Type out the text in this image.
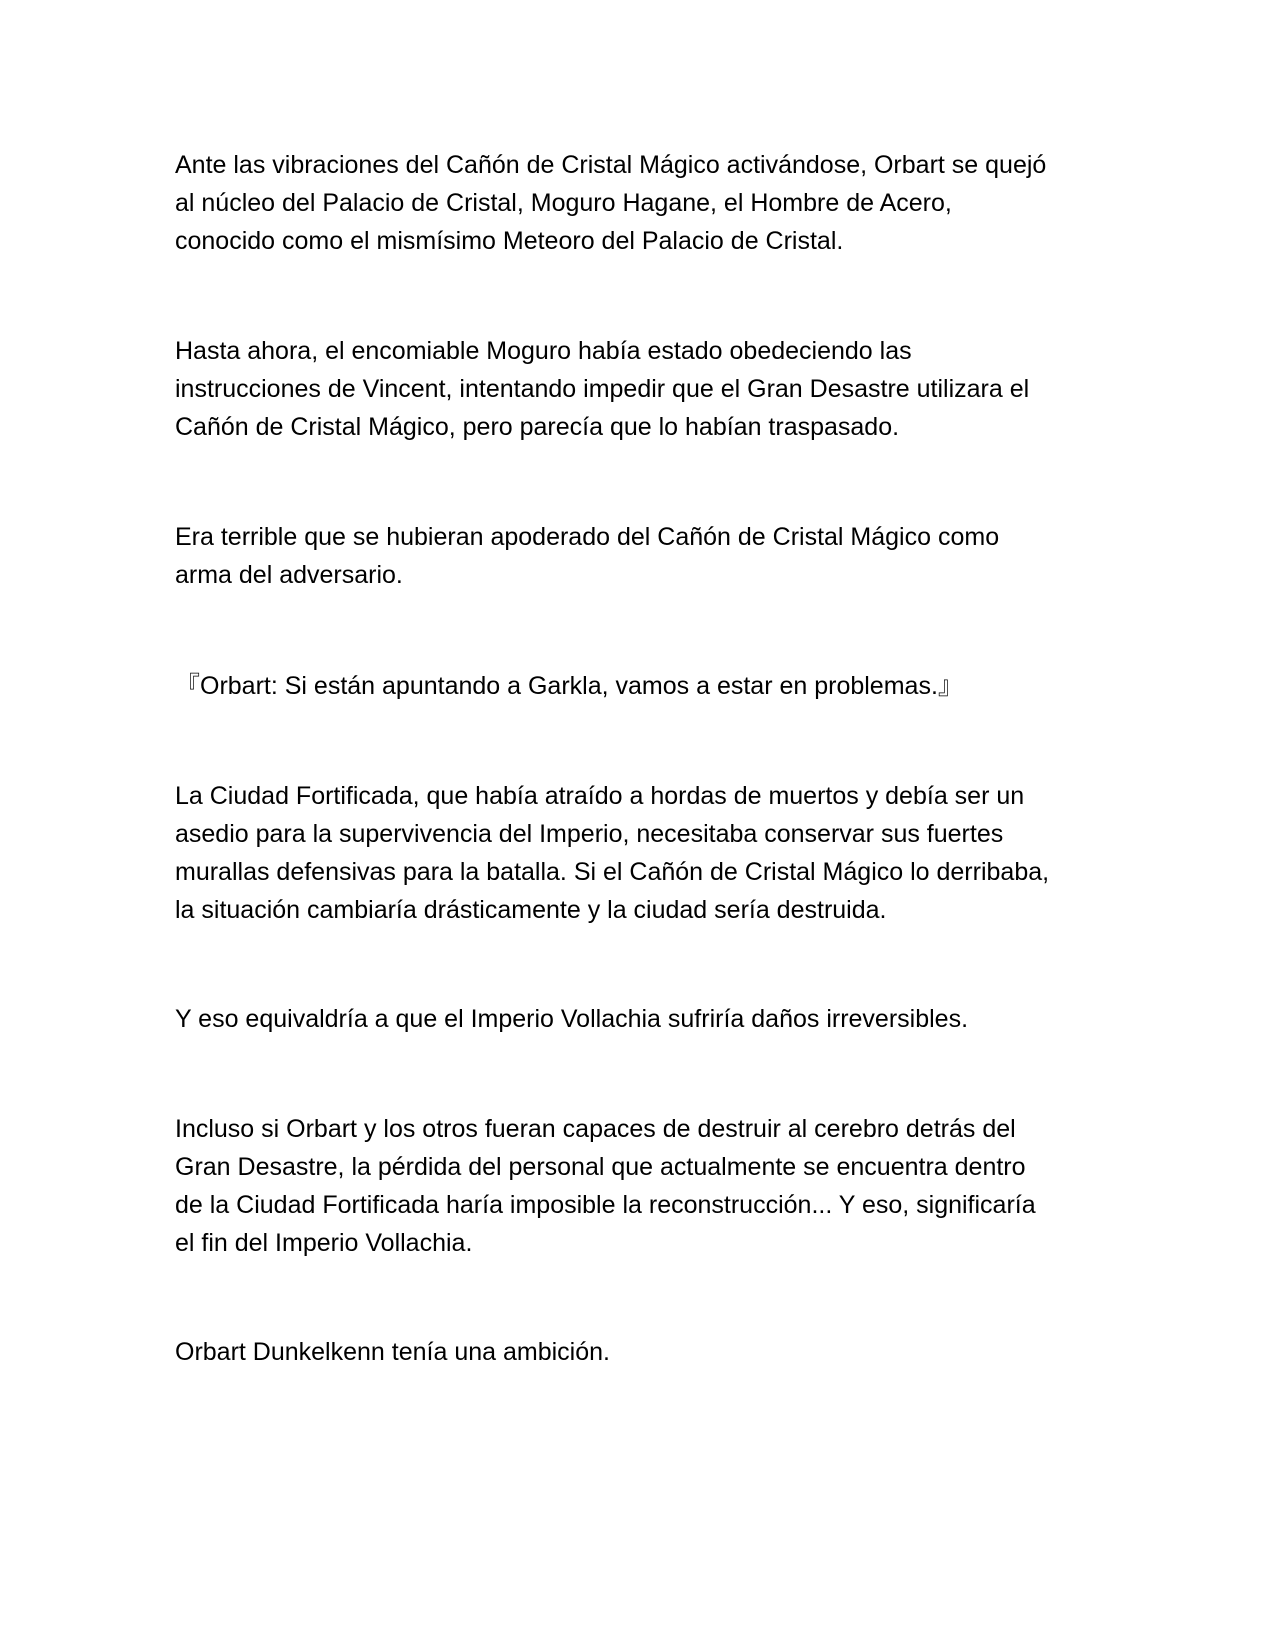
Ante las vibraciones del Cañón de Cristal Mágico activándose, Orbart se quejó
al núcleo del Palacio de Cristal, Moguro Hagane, el Hombre de Acero,
conocido como el mismísimo Meteoro del Palacio de Cristal.

Hasta ahora, el encomiable Moguro había estado obedeciendo las
instrucciones de Vincent, intentando impedir que el Gran Desastre utilizara el
Cañón de Cristal Mágico, pero parecía que lo habían traspasado.

Era terrible que se hubieran apoderado del Cañón de Cristal Mágico como
arma del adversario.

『Orbart: Si están apuntando a Garkla, vamos a estar en problemas.』

La Ciudad Fortificada, que había atraído a hordas de muertos y debía ser un
asedio para la supervivencia del Imperio, necesitaba conservar sus fuertes
murallas defensivas para la batalla. Si el Cañón de Cristal Mágico lo derribaba,
la situación cambiaría drásticamente y la ciudad sería destruida.

Y eso equivaldría a que el Imperio Vollachia sufriría daños irreversibles.

Incluso si Orbart y los otros fueran capaces de destruir al cerebro detrás del
Gran Desastre, la pérdida del personal que actualmente se encuentra dentro
de la Ciudad Fortificada haría imposible la reconstrucción... Y eso, significaría
el fin del Imperio Vollachia.

Orbart Dunkelkenn tenía una ambición.
